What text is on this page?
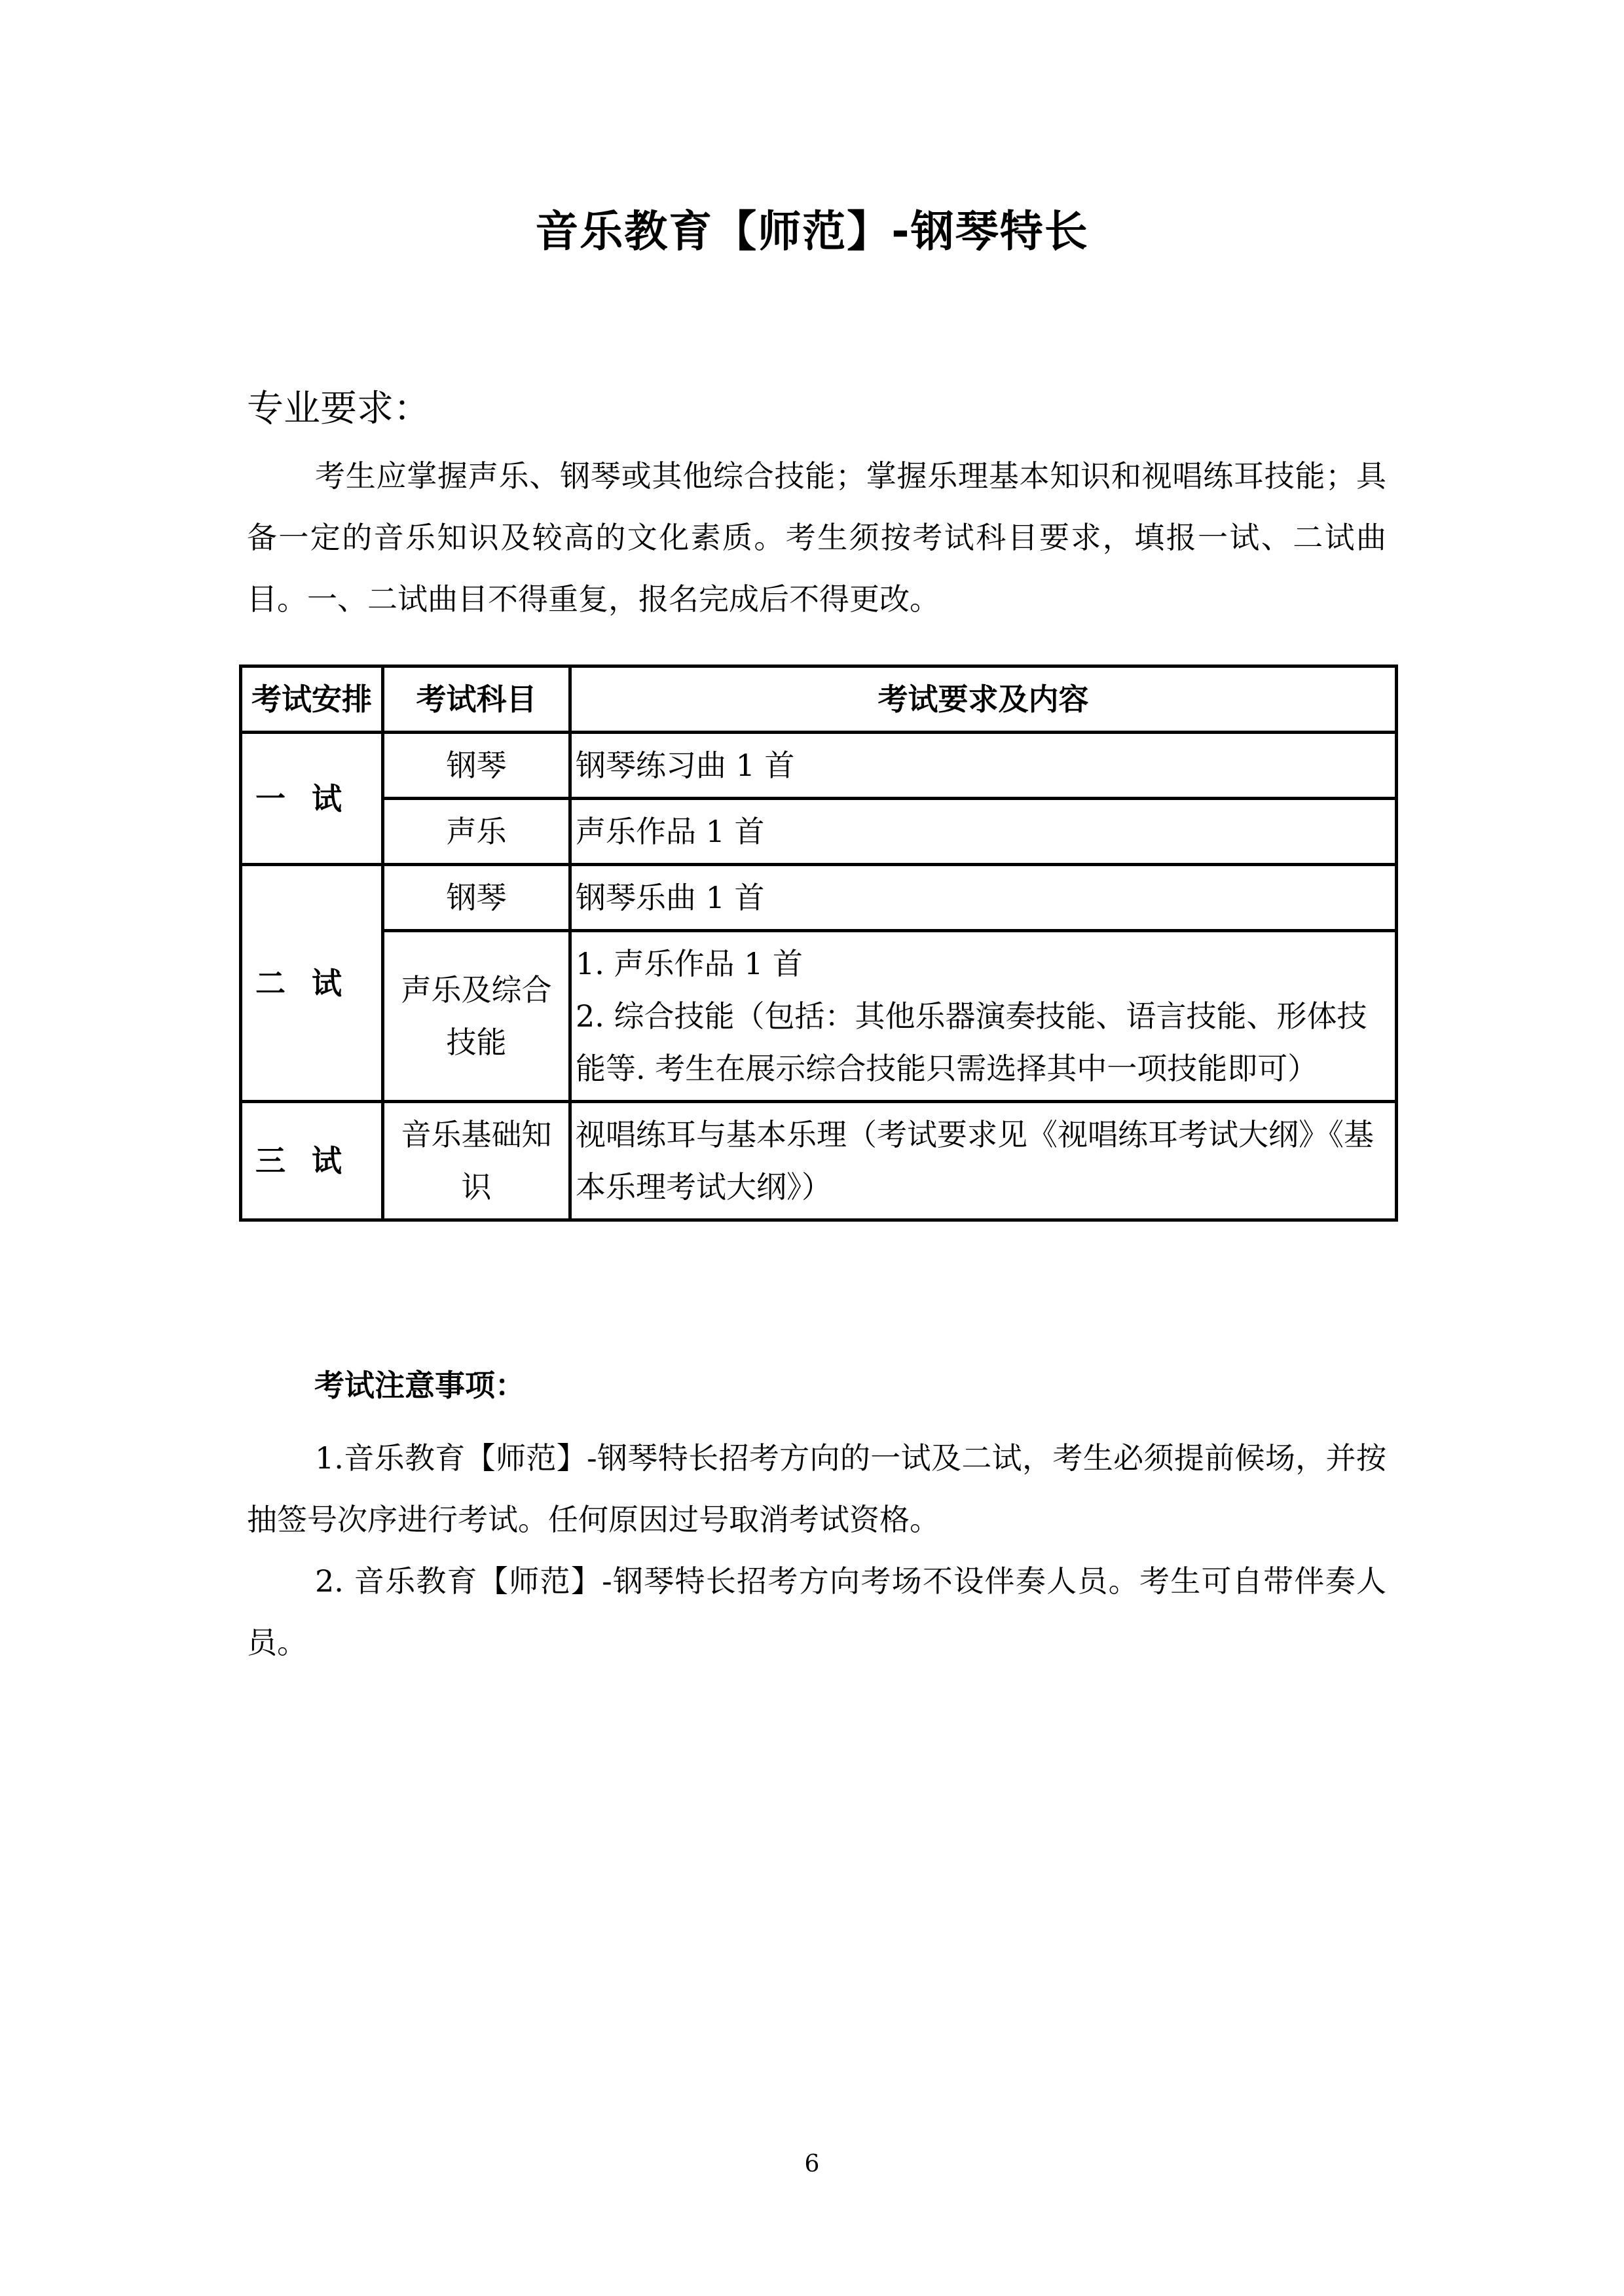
音乐教育【师范】-钢琴特长
专业要求：

考生应掌握声乐、钢琴或其他综合技能；掌握乐理基本知识和视唱练耳技能；具备一定的音乐知识及较高的文化素质。考生须按考试科目要求，填报一试、二试曲目。一、二试曲目不得重复，报名完成后不得更改。

考试安排	考试科目	考试要求及内容
一试	钢琴	钢琴练习曲 1 首
	声乐	声乐作品 1 首
二试	钢琴	钢琴乐曲 1 首
	声乐及综合技能	1. 声乐作品 1 首
2. 综合技能（包括：其他乐器演奏技能、语言技能、形体技能等. 考生在展示综合技能只需选择其中一项技能即可）

三试	音乐基础知识	视唱练耳与基本乐理（考试要求见《视唱练耳考试大纲》《基本乐理考试大纲》）
考试注意事项：
1.音乐教育【师范】-钢琴特长招考方向的一试及二试，考生必须提前候场，并按抽签号次序进行考试。任何原因过号取消考试资格。
2. 音乐教育【师范】-钢琴特长招考方向考场不设伴奏人员。考生可自带伴奏人员。
6
